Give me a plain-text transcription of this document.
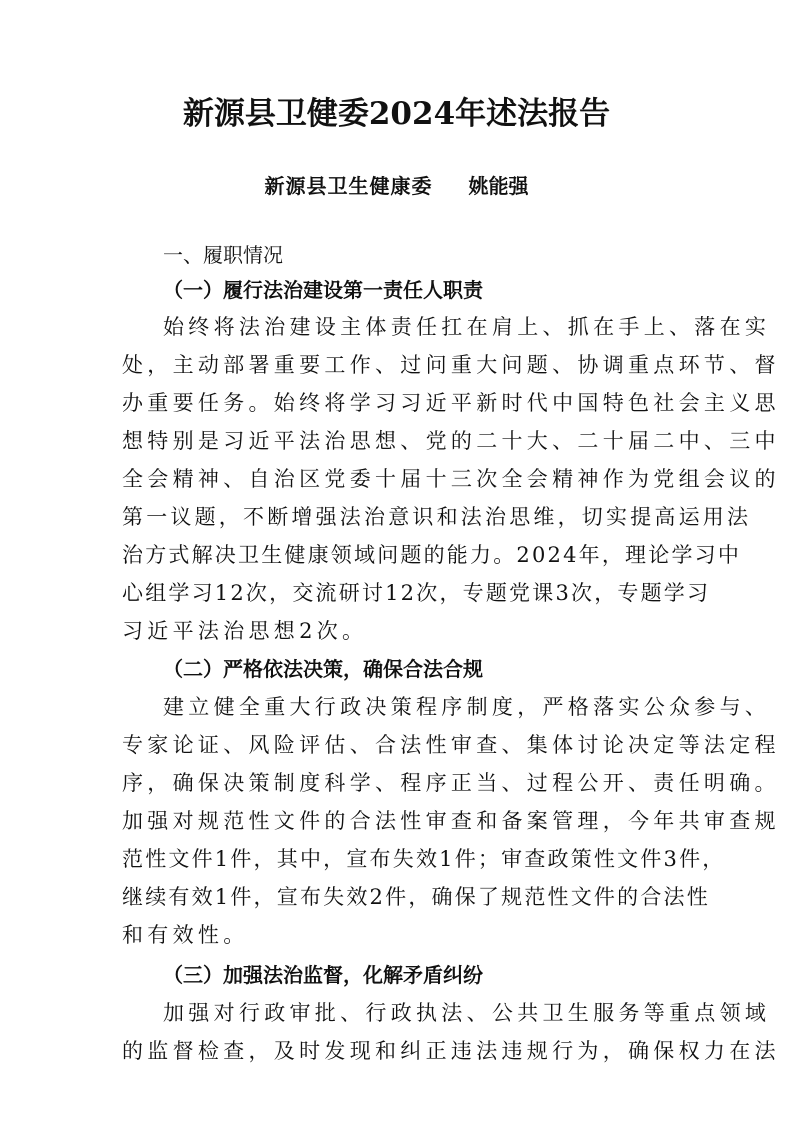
新源县卫健委2024年述法报告
新源县卫生健康委 姚能强
一、履职情况
（一）履行法治建设第一责任人职责
始终将法治建设主体责任扛在肩上、抓在手上、落在实
处，主动部署重要工作、过问重大问题、协调重点环节、督
办重要任务。始终将学习习近平新时代中国特色社会主义思
想特别是习近平法治思想、党的二十大、二十届二中、三中
全会精神、自治区党委十届十三次全会精神作为党组会议的
第一议题，不断增强法治意识和法治思维，切实提高运用法
治方式解决卫生健康领域问题的能力。2024年，理论学习中
心组学习12次，交流研讨12次，专题党课3次，专题学习
习近平法治思想2次。
（二）严格依法决策，确保合法合规
建立健全重大行政决策程序制度，严格落实公众参与、
专家论证、风险评估、合法性审查、集体讨论决定等法定程
序，确保决策制度科学、程序正当、过程公开、责任明确。
加强对规范性文件的合法性审查和备案管理，今年共审查规
范性文件1件，其中，宣布失效1件；审查政策性文件3件，
继续有效1件，宣布失效2件，确保了规范性文件的合法性
和有效性。
（三）加强法治监督，化解矛盾纠纷
加强对行政审批、行政执法、公共卫生服务等重点领域
的监督检查，及时发现和纠正违法违规行为，确保权力在法
